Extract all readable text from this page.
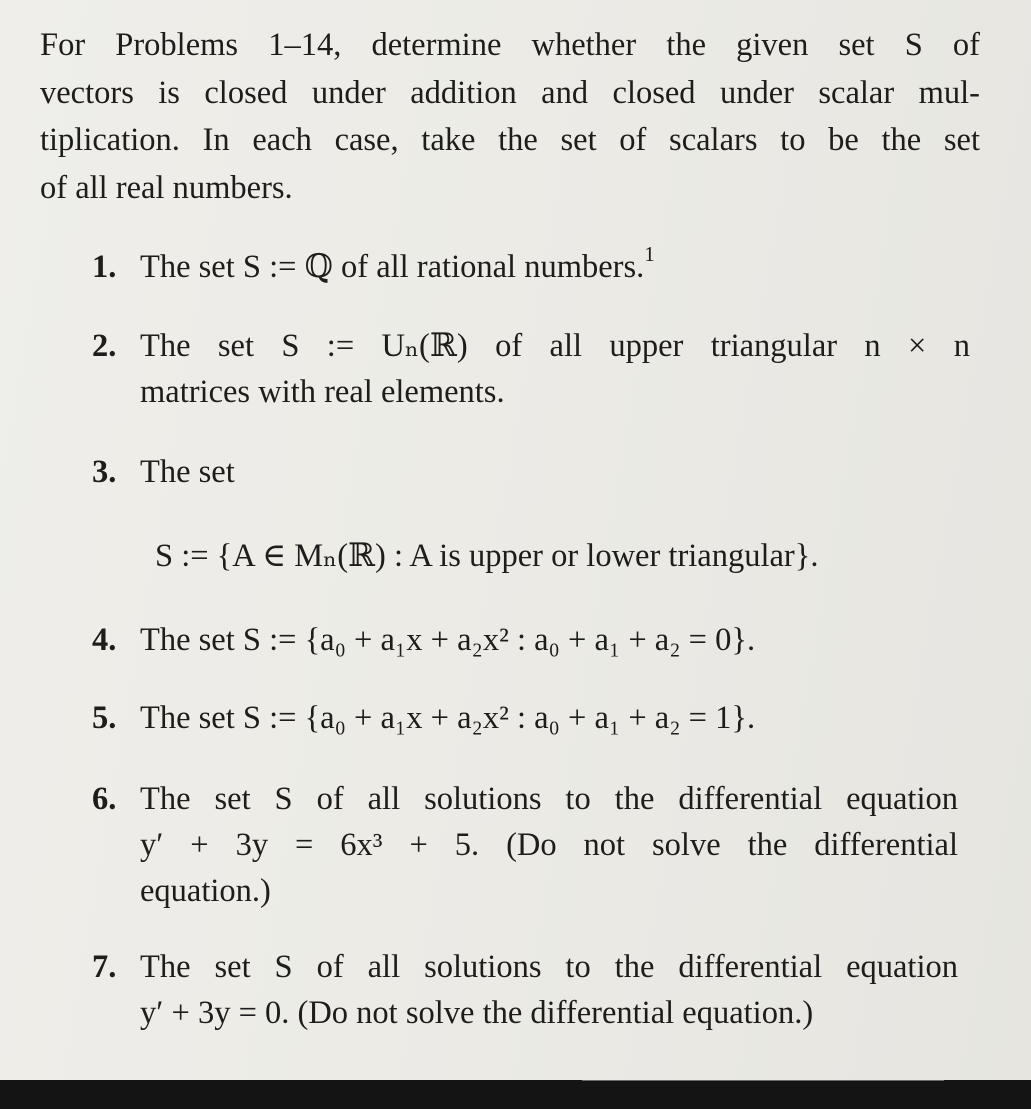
For Problems 1–14, determine whether the given set S of
vectors is closed under addition and closed under scalar mul-
tiplication. In each case, take the set of scalars to be the set
of all real numbers.
1. The set S := ℚ of all rational numbers.$^1$
2. The set S := Uₙ(ℝ) of all upper triangular n × n
matrices with real elements.
3. The set
S := {A ∈ Mₙ(ℝ) : A is upper or lower triangular}.
4. The set S := {a₀ + a₁x + a₂x² : a₀ + a₁ + a₂ = 0}.
5. The set S := {a₀ + a₁x + a₂x² : a₀ + a₁ + a₂ = 1}.
6. The set S of all solutions to the differential equation
y′ + 3y = 6x³ + 5. (Do not solve the differential
equation.)
7. The set S of all solutions to the differential equation
y′ + 3y = 0. (Do not solve the differential equation.)
